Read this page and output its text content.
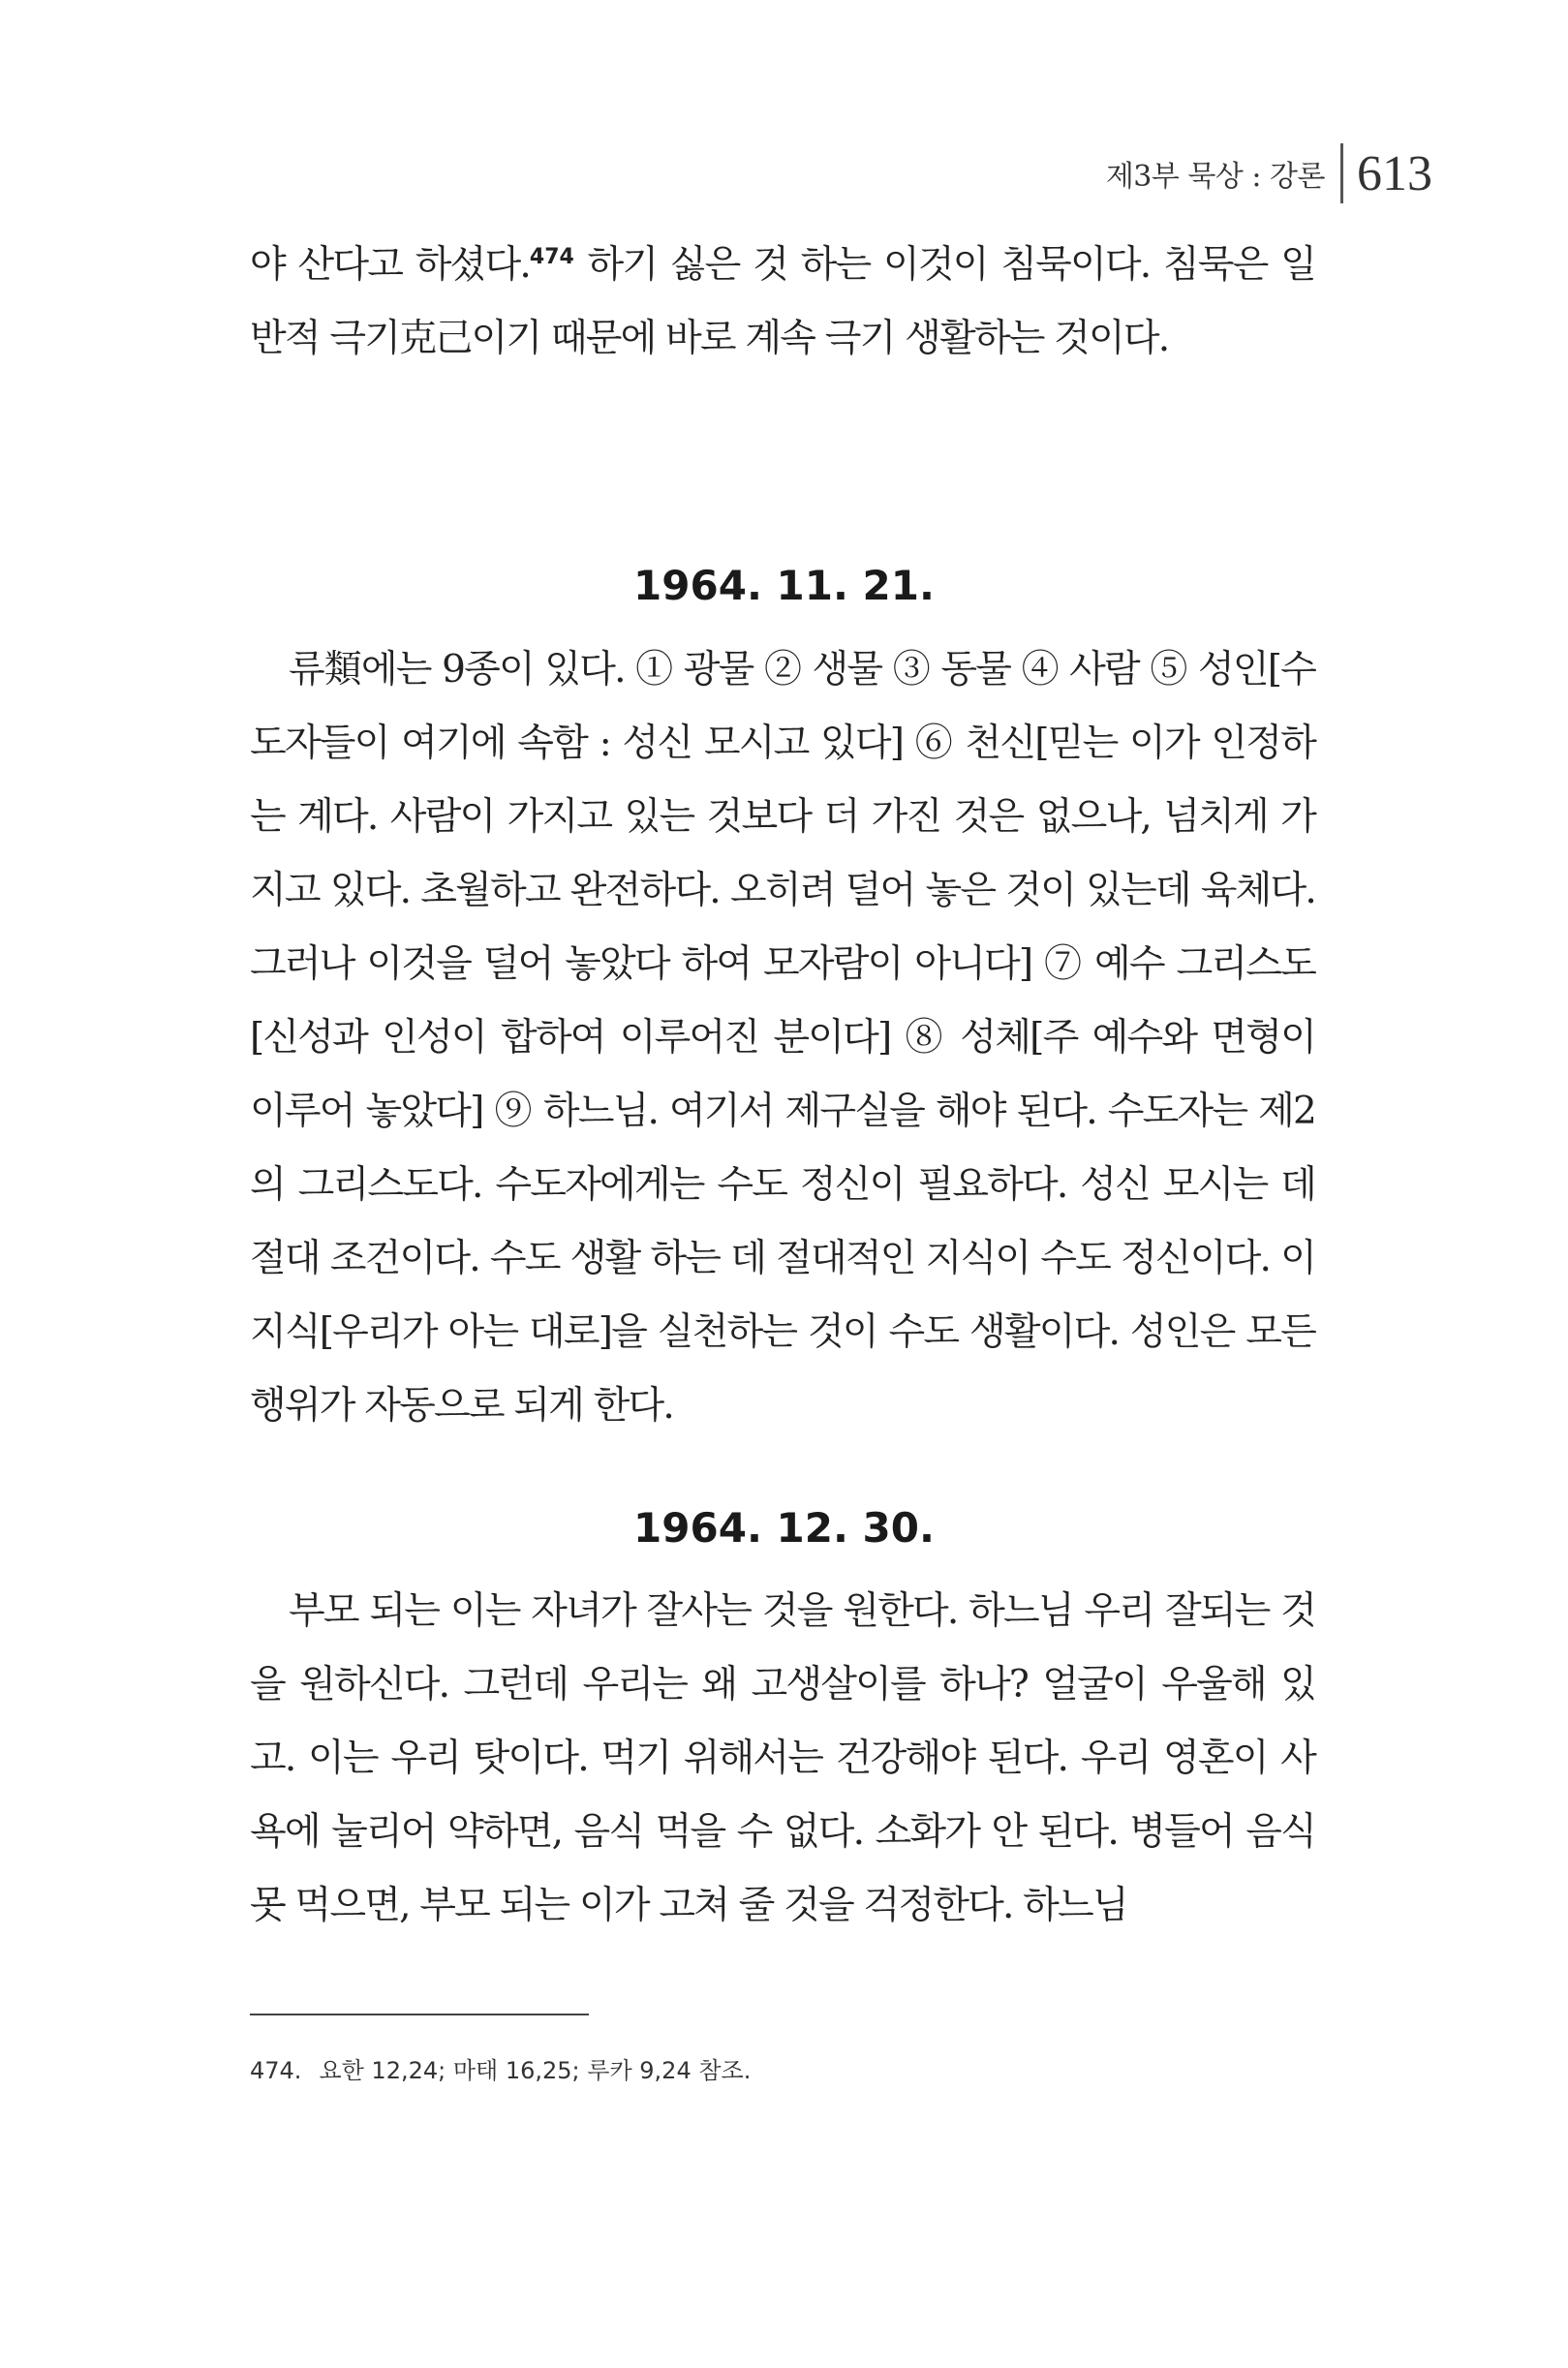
제3부 묵상 : 강론 613

야 산다고 하셨다.$^{474}$ 하기 싫은 것 하는 이것이 침묵이다. 침묵은 일반적 극기克己이기 때문에 바로 계속 극기 생활하는 것이다.

1964. 11. 21.

류類에는 9종이 있다. ① 광물 ② 생물 ③ 동물 ④ 사람 ⑤ 성인[수도자들이 여기에 속함 : 성신 모시고 있다] ⑥ 천신[믿는 이가 인정하는 계다. 사람이 가지고 있는 것보다 더 가진 것은 없으나, 넘치게 가지고 있다. 초월하고 완전하다. 오히려 덜어 놓은 것이 있는데 육체다. 그러나 이것을 덜어 놓았다 하여 모자람이 아니다] ⑦ 예수 그리스도[신성과 인성이 합하여 이루어진 분이다] ⑧ 성체[주 예수와 면형이 이루어 놓았다] ⑨ 하느님. 여기서 제구실을 해야 된다. 수도자는 제2의 그리스도다. 수도자에게는 수도 정신이 필요하다. 성신 모시는 데 절대 조건이다. 수도 생활 하는 데 절대적인 지식이 수도 정신이다. 이 지식[우리가 아는 대로]을 실천하는 것이 수도 생활이다. 성인은 모든 행위가 자동으로 되게 한다.

1964. 12. 30.

부모 되는 이는 자녀가 잘사는 것을 원한다. 하느님 우리 잘되는 것을 원하신다. 그런데 우리는 왜 고생살이를 하나? 얼굴이 우울해 있고. 이는 우리 탓이다. 먹기 위해서는 건강해야 된다. 우리 영혼이 사욕에 눌리어 약하면, 음식 먹을 수 없다. 소화가 안 된다. 병들어 음식 못 먹으면, 부모 되는 이가 고쳐 줄 것을 걱정한다. 하느님

474. 요한 12,24; 마태 16,25; 루카 9,24 참조.
